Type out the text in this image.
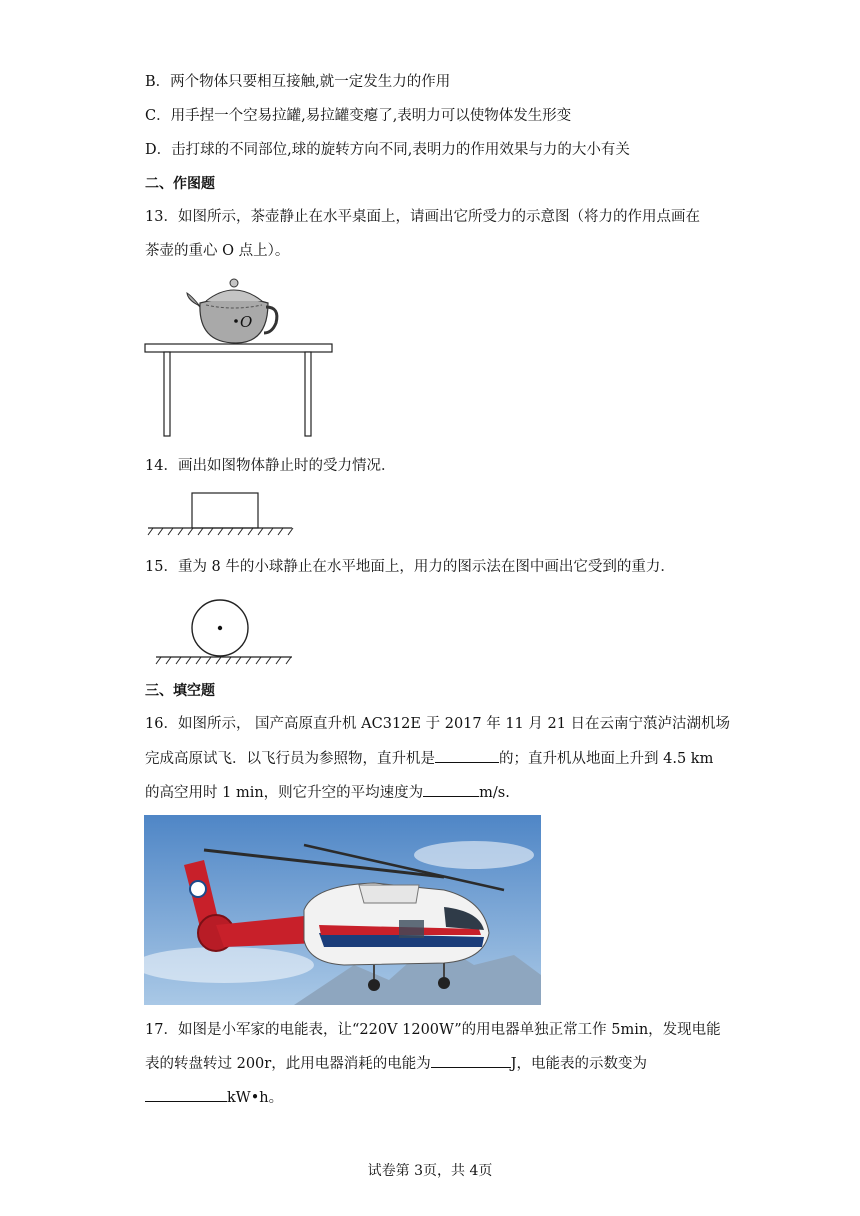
B．两个物体只要相互接触,就一定发生力的作用
C．用手捏一个空易拉罐,易拉罐变瘪了,表明力可以使物体发生形变
D．击打球的不同部位,球的旋转方向不同,表明力的作用效果与力的大小有关
二、作图题
13．如图所示，茶壶静止在水平桌面上，请画出它所受力的示意图（将力的作用点画在
茶壶的重心 O 点上）。
O
14．画出如图物体静止时的受力情况．
15．重为 8 牛的小球静止在水平地面上，用力的图示法在图中画出它受到的重力．
三、填空题
16．如图所示， 国产高原直升机 AC312E 于 2017 年 11 月 21 日在云南宁蒗泸沽湖机场
完成高原试飞．以飞行员为参照物，直升机是	的；直升机从地面上升到 4.5 km
的高空用时 1 min，则它升空的平均速度为	m/s.
17．如图是小军家的电能表，让“220V 1200W”的用电器单独正常工作 5min，发现电能
表的转盘转过 200r，此用电器消耗的电能为	J，电能表的示数变为
kW•h。
试卷第 3页，共 4页
